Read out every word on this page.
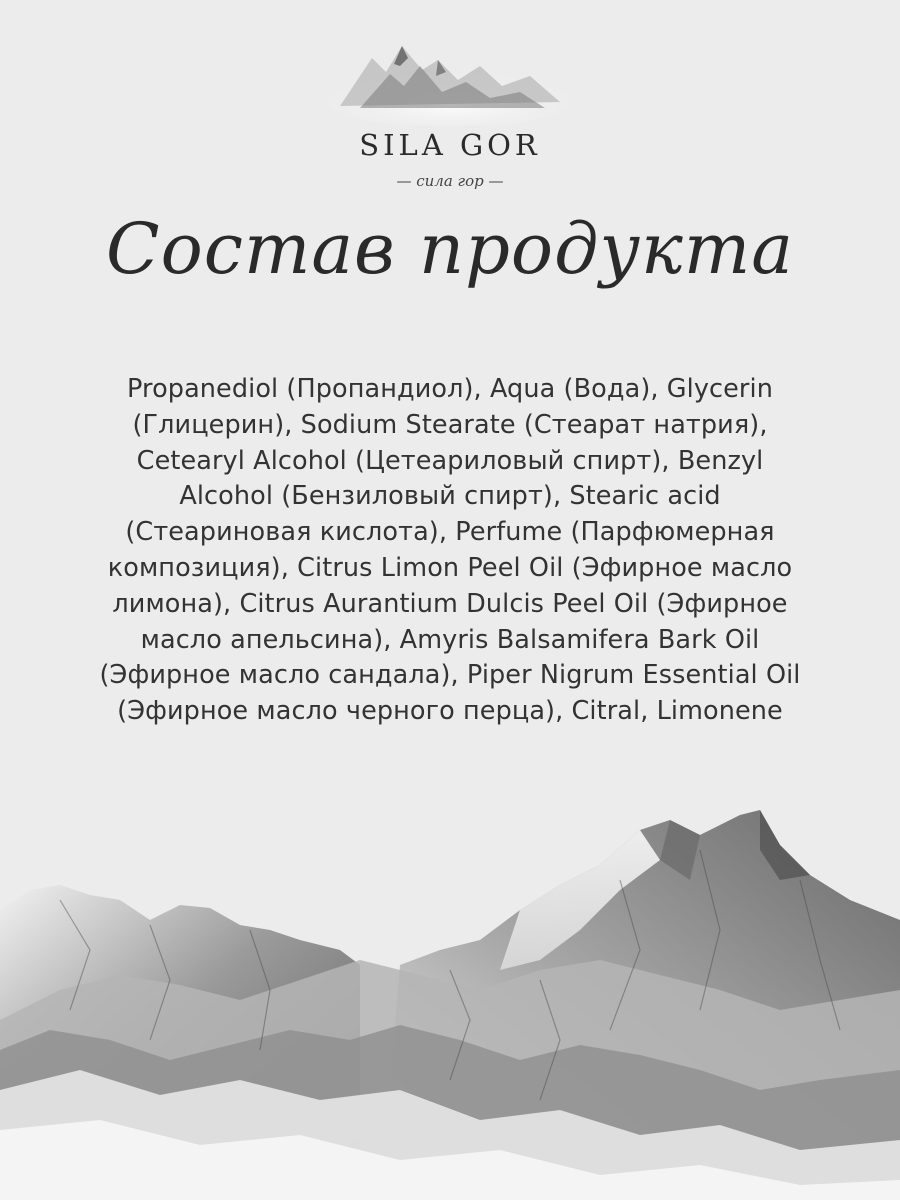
SILA GOR
— сила гор —
Состав продукта
Propanediol (Пропандиол), Aqua (Вода), Glycerin (Глицерин), Sodium Stearate (Стеарат натрия), Cetearyl Alcohol (Цетеариловый спирт), Benzyl Alcohol (Бензиловый спирт), Stearic acid (Стеариновая кислота), Perfume (Парфюмерная композиция), Citrus Limon Peel Oil (Эфирное масло лимона), Citrus Aurantium Dulcis Peel Oil (Эфирное масло апельсина), Amyris Balsamifera Bark Oil (Эфирное масло сандала), Piper Nigrum Essential Oil (Эфирное масло черного перца), Citral, Limonene
